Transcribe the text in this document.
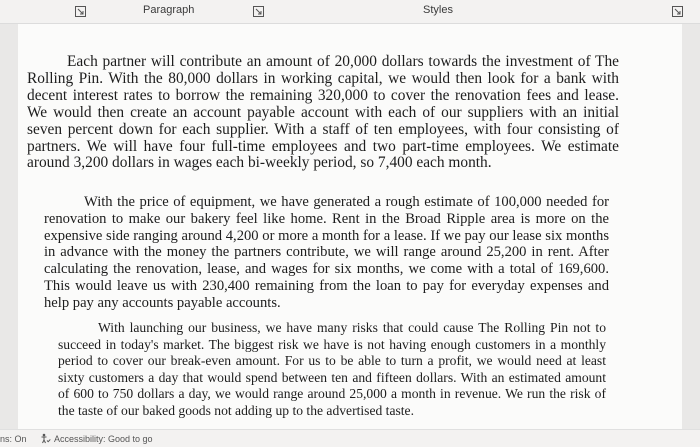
Paragraph	Styles

Each partner will contribute an amount of 20,000 dollars towards the investment of The Rolling Pin. With the 80,000 dollars in working capital, we would then look for a bank with decent interest rates to borrow the remaining 320,000 to cover the renovation fees and lease. We would then create an account payable account with each of our suppliers with an initial seven percent down for each supplier. With a staff of ten employees, with four consisting of partners. We will have four full-time employees and two part-time employees. We estimate around 3,200 dollars in wages each bi-weekly period, so 7,400 each month.

With the price of equipment, we have generated a rough estimate of 100,000 needed for renovation to make our bakery feel like home. Rent in the Broad Ripple area is more on the expensive side ranging around 4,200 or more a month for a lease. If we pay our lease six months in advance with the money the partners contribute, we will range around 25,200 in rent. After calculating the renovation, lease, and wages for six months, we come with a total of 169,600. This would leave us with 230,400 remaining from the loan to pay for everyday expenses and help pay any accounts payable accounts.

With launching our business, we have many risks that could cause The Rolling Pin not to succeed in today's market. The biggest risk we have is not having enough customers in a monthly period to cover our break-even amount. For us to be able to turn a profit, we would need at least sixty customers a day that would spend between ten and fifteen dollars. With an estimated amount of 600 to 750 dollars a day, we would range around 25,000 a month in revenue. We run the risk of the taste of our baked goods not adding up to the advertised taste.

ns: On	Accessibility: Good to go
